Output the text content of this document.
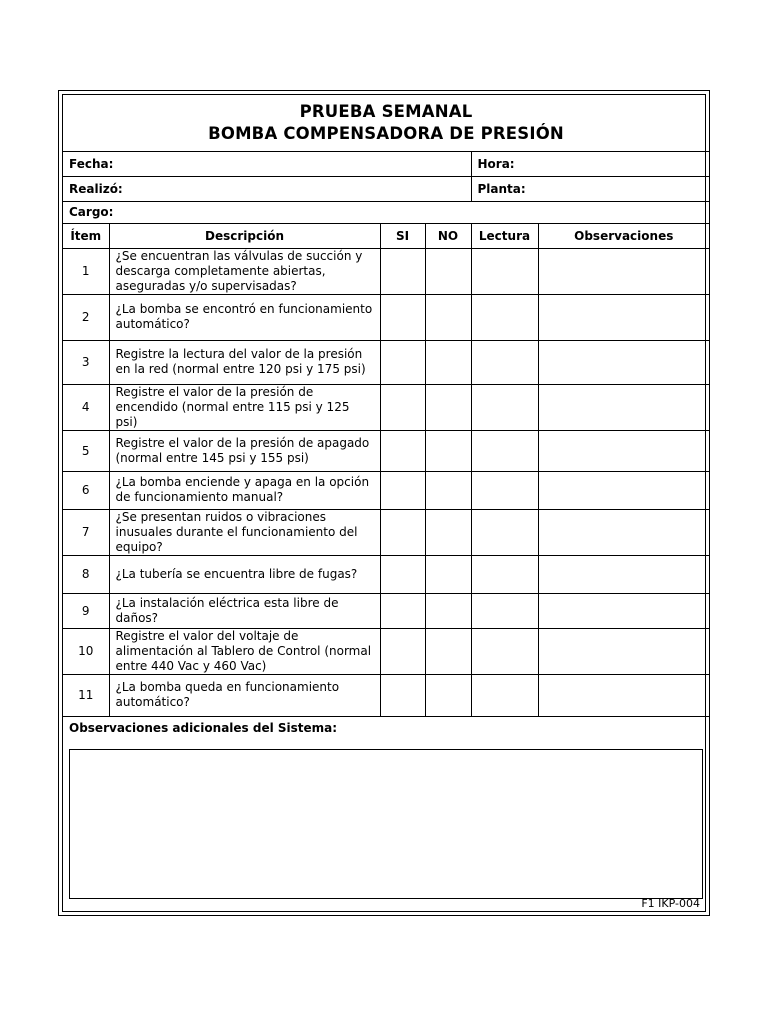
PRUEBA SEMANAL
BOMBA COMPENSADORA DE PRESIÓN					

Fecha:				Hora:	
Realizó:				Planta:	
Cargo:					
Ítem	Descripción	SI	NO	Lectura	Observaciones
1	¿Se encuentran las válvulas de succión y descarga completamente abiertas, aseguradas y/o supervisadas?				
2	¿La bomba se encontró en funcionamiento automático?				
3	Registre la lectura del valor de la presión en la red (normal entre 120 psi y 175 psi)				
4	Registre el valor de la presión de encendido (normal entre 115 psi y 125 psi)				
5	Registre el valor de la presión de apagado (normal entre 145 psi y 155 psi)				
6	¿La bomba enciende y apaga en la opción de funcionamiento manual?				
7	¿Se presentan ruidos o vibraciones inusuales durante el funcionamiento del equipo?				
8	¿La tubería se encuentra libre de fugas?				
9	¿La instalación eléctrica esta libre de daños?				
10	Registre el valor del voltaje de alimentación al Tablero de Control (normal entre 440 Vac y 460 Vac)				
11	¿La bomba queda en funcionamiento automático?				
Observaciones adicionales del Sistema:
F1 IKP-004
